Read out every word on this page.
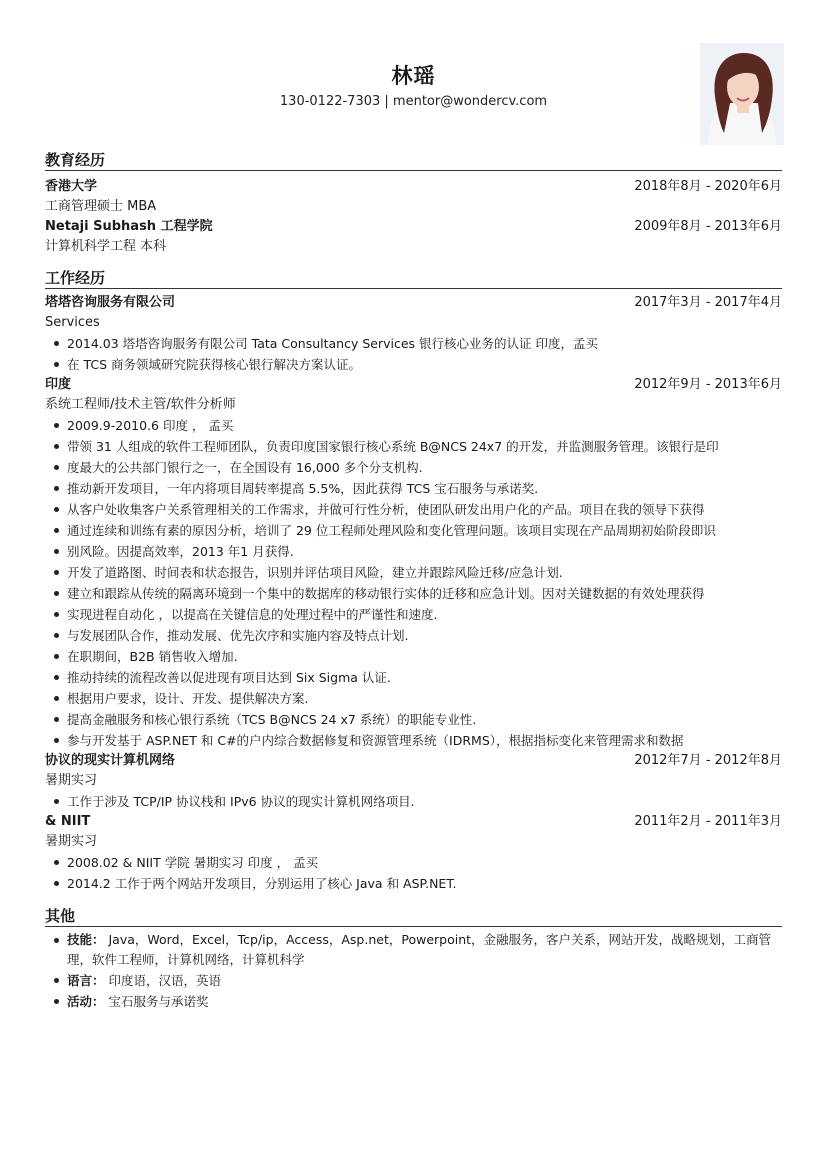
林瑶
130-0122-7303 | mentor@wondercv.com
教育经历
香港大学	2018年8月 - 2020年6月
工商管理硕士 MBA
Netaji Subhash 工程学院	2009年8月 - 2013年6月
计算机科学工程 本科
工作经历
塔塔咨询服务有限公司	2017年3月 - 2017年4月
Services
2014.03 塔塔咨询服务有限公司 Tata Consultancy Services 银行核心业务的认证 印度，孟买
在 TCS 商务领域研究院获得核心银行解决方案认证。
印度	2012年9月 - 2013年6月
系统工程师/技术主管/软件分析师
2009.9-2010.6 印度 ， 孟买
带领 31 人组成的软件工程师团队，负责印度国家银行核心系统 B@NCS 24x7 的开发，并监测服务管理。该银行是印
度最大的公共部门银行之一，在全国设有 16,000 多个分支机构.
推动新开发项目，一年内将项目周转率提高 5.5%，因此获得 TCS 宝石服务与承诺奖.
从客户处收集客户关系管理相关的工作需求，并做可行性分析，使团队研发出用户化的产品。项目在我的领导下获得
通过连续和训练有素的原因分析，培训了 29 位工程师处理风险和变化管理问题。该项目实现在产品周期初始阶段即识
别风险。因提高效率，2013 年1 月获得.
开发了道路图、时间表和状态报告，识别并评估项目风险，建立并跟踪风险迁移/应急计划.
建立和跟踪从传统的隔离环境到一个集中的数据库的移动银行实体的迁移和应急计划。因对关键数据的有效处理获得
实现进程自动化 ，以提高在关键信息的处理过程中的严谨性和速度.
与发展团队合作，推动发展、优先次序和实施内容及特点计划.
在职期间，B2B 销售收入增加.
推动持续的流程改善以促进现有项目达到 Six Sigma 认证.
根据用户要求，设计、开发、提供解决方案.
提高金融服务和核心银行系统（TCS B@NCS 24 x7 系统）的职能专业性.
参与开发基于 ASP.NET 和 C#的户内综合数据修复和资源管理系统（IDRMS），根据指标变化来管理需求和数据
协议的现实计算机网络	2012年7月 - 2012年8月
暑期实习
工作于涉及 TCP/IP 协议栈和 IPv6 协议的现实计算机网络项目.
& NIIT	2011年2月 - 2011年3月
暑期实习
2008.02 & NIIT 学院 暑期实习 印度 ， 孟买
2014.2 工作于两个网站开发项目，分别运用了核心 Java 和 ASP.NET.
其他
技能： Java，Word，Excel，Tcp/ip，Access，Asp.net，Powerpoint，金融服务，客户关系，网站开发，战略规划，工商管理，软件工程师，计算机网络，计算机科学
语言： 印度语，汉语，英语
活动： 宝石服务与承诺奖
